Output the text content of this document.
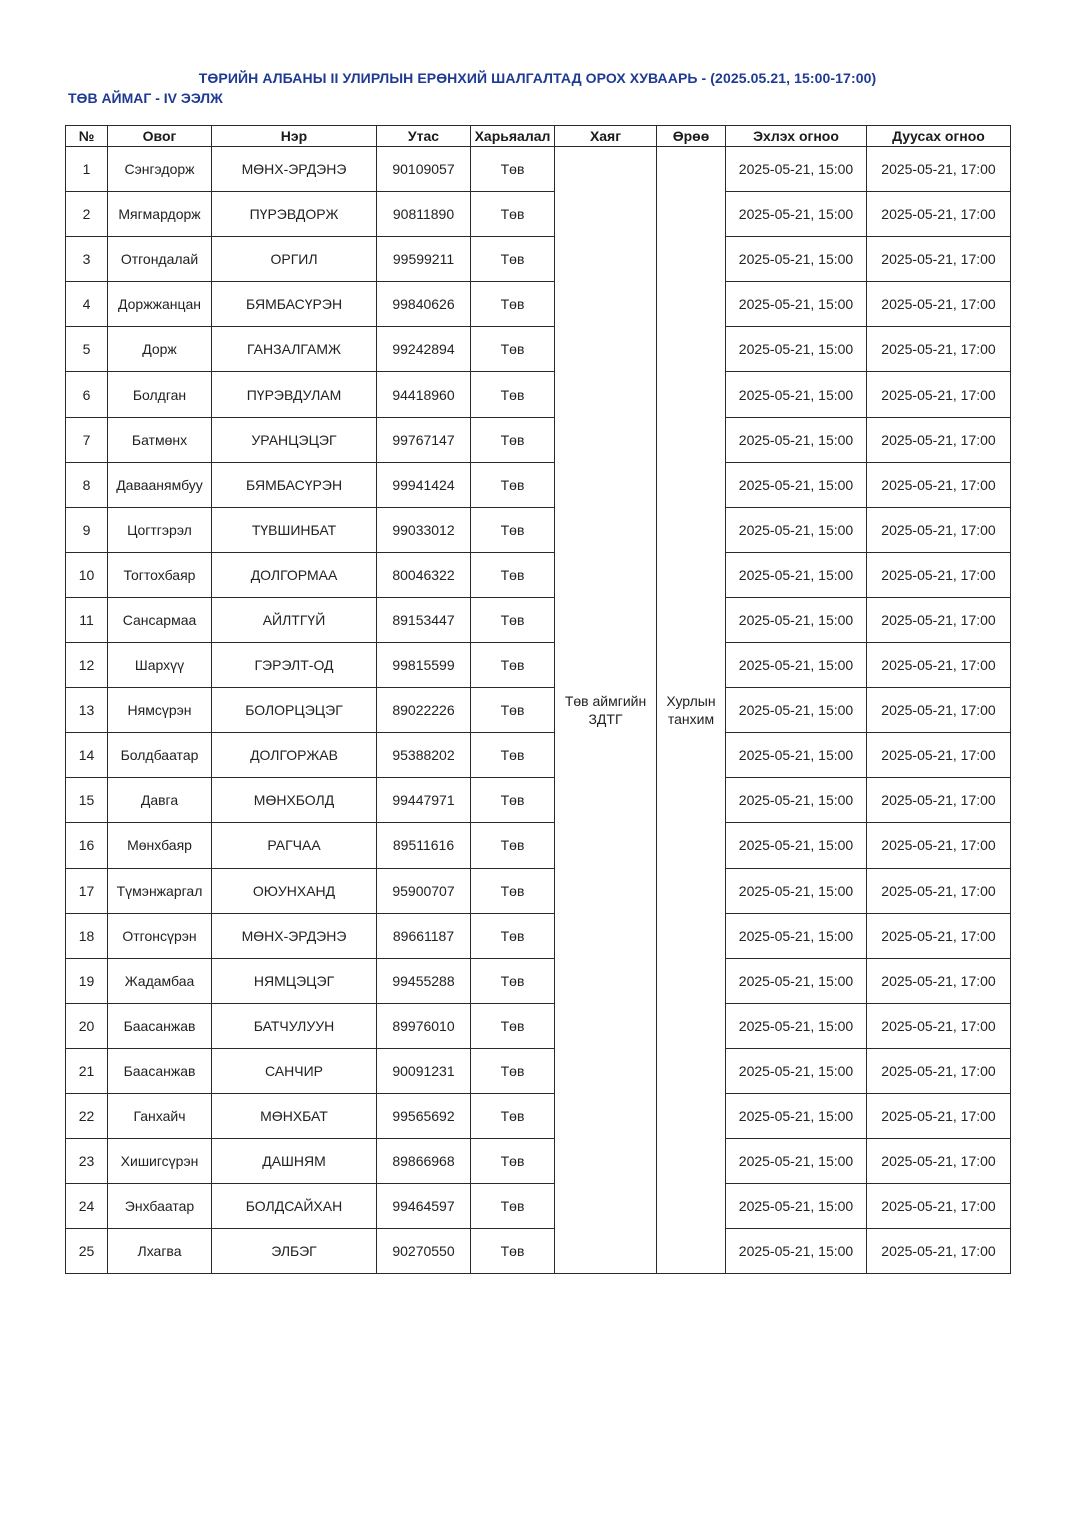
ТӨРИЙН АЛБАНЫ II УЛИРЛЫН ЕРӨНХИЙ ШАЛГАЛТАД ОРОХ ХУВААРЬ - (2025.05.21, 15:00-17:00)
ТӨВ АЙМАГ - IV ЭЭЛЖ
№	Овог	Нэр	Утас	Харьяалал	Хаяг	Өрөө	Эхлэх огноо	Дуусах огноо
1	Сэнгэдорж	МӨНХ-ЭРДЭНЭ	90109057	Төв	Төв аймгийн ЗДТГ	Хурлын танхим	2025-05-21, 15:00	2025-05-21, 17:00
2	Мягмардорж	ПҮРЭВДОРЖ	90811890	Төв			2025-05-21, 15:00	2025-05-21, 17:00
3	Отгондалай	ОРГИЛ	99599211	Төв			2025-05-21, 15:00	2025-05-21, 17:00
4	Доржжанцан	БЯМБАСҮРЭН	99840626	Төв			2025-05-21, 15:00	2025-05-21, 17:00
5	Дорж	ГАНЗАЛГАМЖ	99242894	Төв			2025-05-21, 15:00	2025-05-21, 17:00
6	Болдган	ПҮРЭВДУЛАМ	94418960	Төв			2025-05-21, 15:00	2025-05-21, 17:00
7	Батмөнх	УРАНЦЭЦЭГ	99767147	Төв			2025-05-21, 15:00	2025-05-21, 17:00
8	Даваанямбуу	БЯМБАСҮРЭН	99941424	Төв			2025-05-21, 15:00	2025-05-21, 17:00
9	Цогтгэрэл	ТҮВШИНБАТ	99033012	Төв			2025-05-21, 15:00	2025-05-21, 17:00
10	Тогтохбаяр	ДОЛГОРМАА	80046322	Төв			2025-05-21, 15:00	2025-05-21, 17:00
11	Сансармаа	АЙЛТГҮЙ	89153447	Төв			2025-05-21, 15:00	2025-05-21, 17:00
12	Шархүү	ГЭРЭЛТ-ОД	99815599	Төв			2025-05-21, 15:00	2025-05-21, 17:00
13	Нямсүрэн	БОЛОРЦЭЦЭГ	89022226	Төв			2025-05-21, 15:00	2025-05-21, 17:00
14	Болдбаатар	ДОЛГОРЖАВ	95388202	Төв			2025-05-21, 15:00	2025-05-21, 17:00
15	Давга	МӨНХБОЛД	99447971	Төв			2025-05-21, 15:00	2025-05-21, 17:00
16	Мөнхбаяр	РАГЧАА	89511616	Төв			2025-05-21, 15:00	2025-05-21, 17:00
17	Түмэнжаргал	ОЮУНХАНД	95900707	Төв			2025-05-21, 15:00	2025-05-21, 17:00
18	Отгонсүрэн	МӨНХ-ЭРДЭНЭ	89661187	Төв			2025-05-21, 15:00	2025-05-21, 17:00
19	Жадамбаа	НЯМЦЭЦЭГ	99455288	Төв			2025-05-21, 15:00	2025-05-21, 17:00
20	Баасанжав	БАТЧУЛУУН	89976010	Төв			2025-05-21, 15:00	2025-05-21, 17:00
21	Баасанжав	САНЧИР	90091231	Төв			2025-05-21, 15:00	2025-05-21, 17:00
22	Ганхайч	МӨНХБАТ	99565692	Төв			2025-05-21, 15:00	2025-05-21, 17:00
23	Хишигсүрэн	ДАШНЯМ	89866968	Төв			2025-05-21, 15:00	2025-05-21, 17:00
24	Энхбаатар	БОЛДСАЙХАН	99464597	Төв			2025-05-21, 15:00	2025-05-21, 17:00
25	Лхагва	ЭЛБЭГ	90270550	Төв			2025-05-21, 15:00	2025-05-21, 17:00
